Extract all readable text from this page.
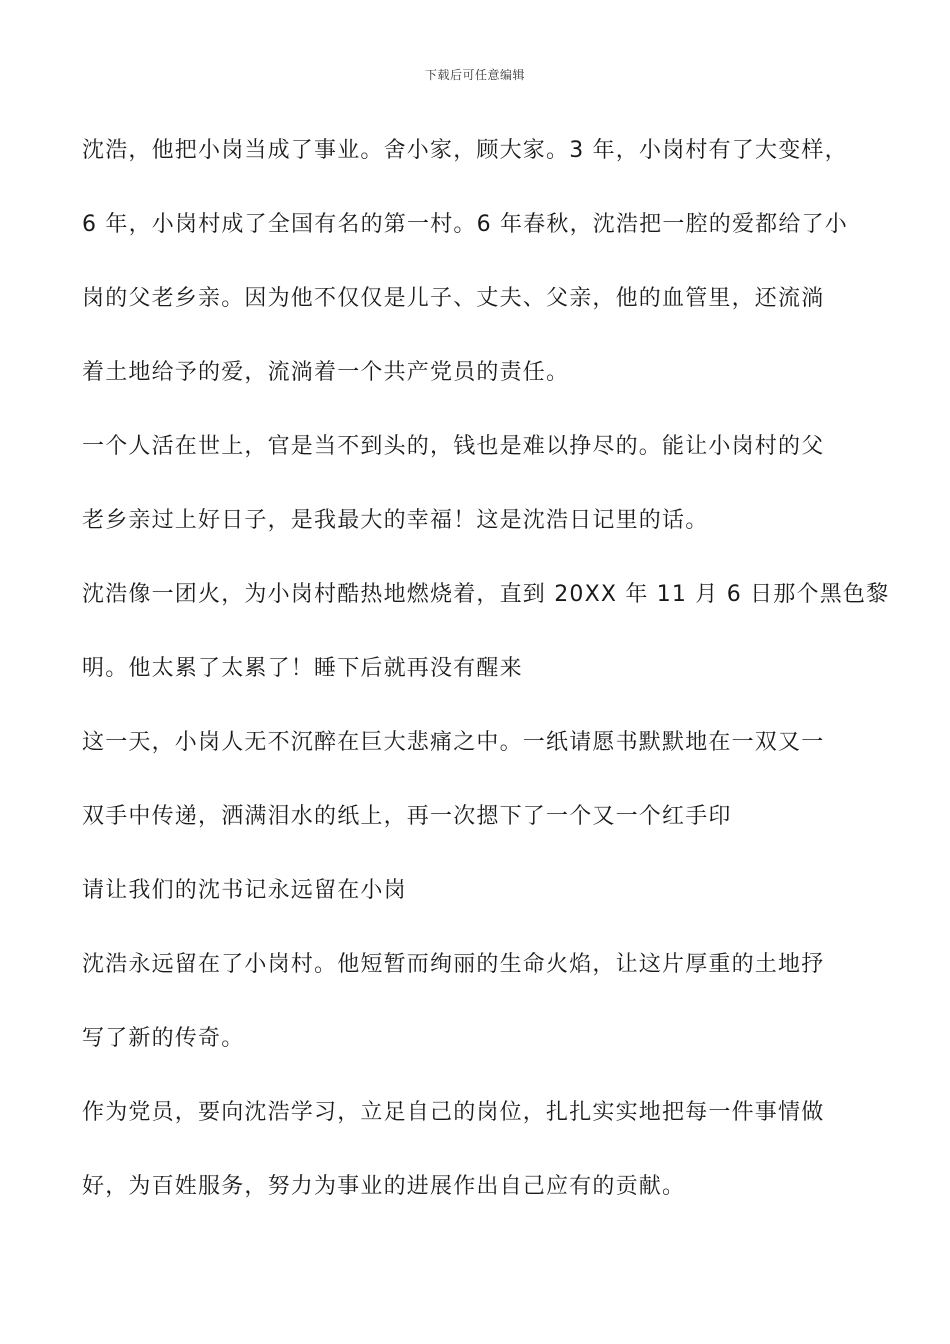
下载后可任意编辑

沈浩，他把小岗当成了事业。舍小家，顾大家。3 年，小岗村有了大变样，
6 年，小岗村成了全国有名的第一村。6 年春秋，沈浩把一腔的爱都给了小
岗的父老乡亲。因为他不仅仅是儿子、丈夫、父亲，他的血管里，还流淌
着土地给予的爱，流淌着一个共产党员的责任。

一个人活在世上，官是当不到头的，钱也是难以挣尽的。能让小岗村的父
老乡亲过上好日子，是我最大的幸福！这是沈浩日记里的话。

沈浩像一团火，为小岗村酷热地燃烧着，直到 20XX 年 11 月 6 日那个黑色黎
明。他太累了太累了！睡下后就再没有醒来

这一天，小岗人无不沉醉在巨大悲痛之中。一纸请愿书默默地在一双又一
双手中传递，洒满泪水的纸上，再一次摁下了一个又一个红手印

请让我们的沈书记永远留在小岗

沈浩永远留在了小岗村。他短暂而绚丽的生命火焰，让这片厚重的土地抒
写了新的传奇。

作为党员，要向沈浩学习，立足自己的岗位，扎扎实实地把每一件事情做
好，为百姓服务，努力为事业的进展作出自己应有的贡献。
